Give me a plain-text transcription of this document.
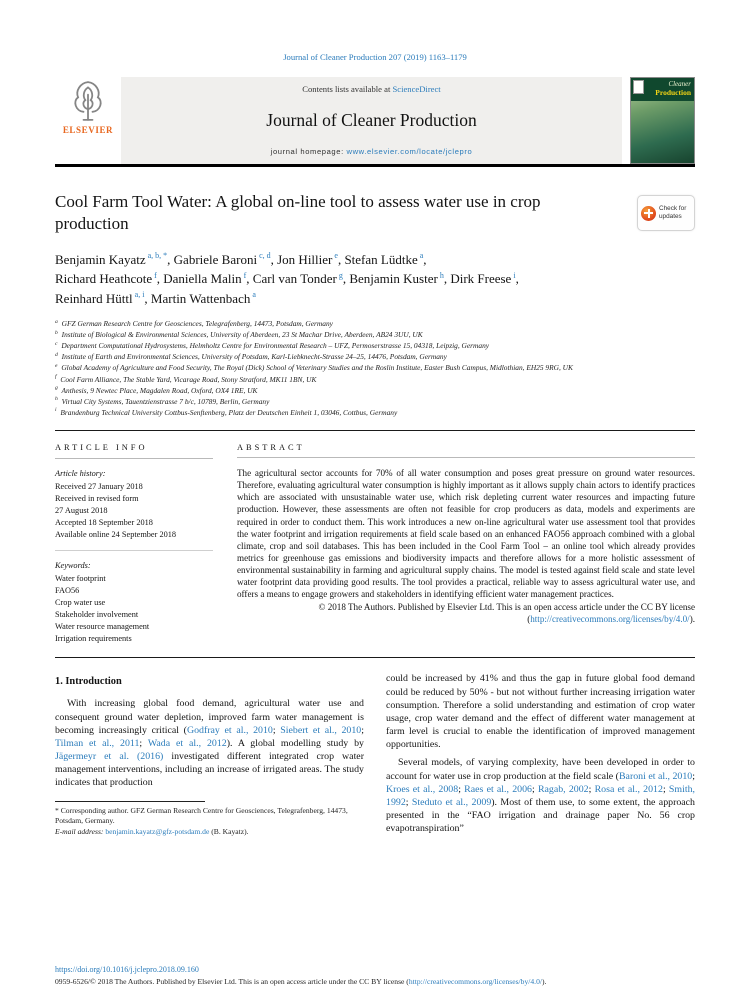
Journal of Cleaner Production 207 (2019) 1163–1179
ELSEVIER
Contents lists available at ScienceDirect
Journal of Cleaner Production
journal homepage: www.elsevier.com/locate/jclepro
Cleaner
Production
Cool Farm Tool Water: A global on-line tool to assess water use in crop production
Check for updates
Benjamin Kayatz $^{a, b, *}$, Gabriele Baroni $^{c, d}$, Jon Hillier $^e$, Stefan Lüdtke $^a$,
Richard Heathcote $^f$, Daniella Malin $^f$, Carl van Tonder $^g$, Benjamin Kuster $^h$, Dirk Freese $^i$,
Reinhard Hüttl $^{a, i}$, Martin Wattenbach $^a$
$^a$ GFZ German Research Centre for Geosciences, Telegrafenberg, 14473, Potsdam, Germany
$^b$ Institute of Biological & Environmental Sciences, University of Aberdeen, 23 St Machar Drive, Aberdeen, AB24 3UU, UK
$^c$ Department Computational Hydrosystems, Helmholtz Centre for Environmental Research – UFZ, Permoserstrasse 15, 04318, Leipzig, Germany
$^d$ Institute of Earth and Environmental Sciences, University of Potsdam, Karl-Liebknecht-Strasse 24–25, 14476, Potsdam, Germany
$^e$ Global Academy of Agriculture and Food Security, The Royal (Dick) School of Veterinary Studies and the Roslin Institute, Easter Bush Campus, Midlothian, EH25 9RG, UK
$^f$ Cool Farm Alliance, The Stable Yard, Vicarage Road, Stony Stratford, MK11 1BN, UK
$^g$ Anthesis, 9 Newtec Place, Magdalen Road, Oxford, OX4 1RE, UK
$^h$ Virtual City Systems, Tauentzienstrasse 7 b/c, 10789, Berlin, Germany
$^i$ Brandenburg Technical University Cottbus-Senftenberg, Platz der Deutschen Einheit 1, 03046, Cottbus, Germany
ARTICLE INFO
Article history:
Received 27 January 2018
Received in revised form
27 August 2018
Accepted 18 September 2018
Available online 24 September 2018
Keywords:
Water footprint
FAO56
Crop water use
Stakeholder involvement
Water resource management
Irrigation requirements
ABSTRACT

The agricultural sector accounts for 70% of all water consumption and poses great pressure on ground water resources. Therefore, evaluating agricultural water consumption is highly important as it allows supply chain actors to identify practices which are associated with unsustainable water use, which risk depleting current water resources and impacting future production. However, these assessments are often not feasible for crop producers as data, models and experiments are required in order to conduct them. This work introduces a new on-line agricultural water use assessment tool that provides the water footprint and irrigation requirements at field scale based on an enhanced FAO56 approach combined with a global climate, crop and soil databases. This has been included in the Cool Farm Tool – an online tool which already provides metrics for greenhouse gas emissions and biodiversity impacts and therefore allows for a more holistic assessment of environmental sustainability in farming and agricultural supply chains. The model is tested against field scale and state level water footprint data providing good results. The tool provides a practical, reliable way to assess agricultural water use, and offers a means to engage growers and stakeholders in identifying efficient water management practices.

© 2018 The Authors. Published by Elsevier Ltd. This is an open access article under the CC BY license
(http://creativecommons.org/licenses/by/4.0/).
1. Introduction

With increasing global food demand, agricultural water use and consequent ground water depletion, improved farm water management is becoming increasingly critical (Godfray et al., 2010; Siebert et al., 2010; Tilman et al., 2011; Wada et al., 2012). A global modelling study by Jägermeyr et al. (2016) investigated different integrated crop water management interventions, including an increase of irrigated areas. The study indicates that production

* Corresponding author. GFZ German Research Centre for Geosciences, Telegrafenberg, 14473, Potsdam, Germany.
E-mail address: benjamin.kayatz@gfz-potsdam.de (B. Kayatz).

could be increased by 41% and thus the gap in future global food demand could be reduced by 50% - but not without further increasing irrigation water consumption. Therefore a solid understanding and estimation of crop water usage, crop water demand and the effect of different water management at farm level is crucial to enable the identification of improved management opportunities.

Several models, of varying complexity, have been developed in order to account for water use in crop production at the field scale (Baroni et al., 2010; Kroes et al., 2008; Raes et al., 2006; Ragab, 2002; Rosa et al., 2012; Smith, 1992; Steduto et al., 2009). Most of them use, to some extent, the approach presented in the “FAO irrigation and drainage paper No. 56 crop evapotranspiration”

https://doi.org/10.1016/j.jclepro.2018.09.160
0959-6526/© 2018 The Authors. Published by Elsevier Ltd. This is an open access article under the CC BY license (http://creativecommons.org/licenses/by/4.0/).
